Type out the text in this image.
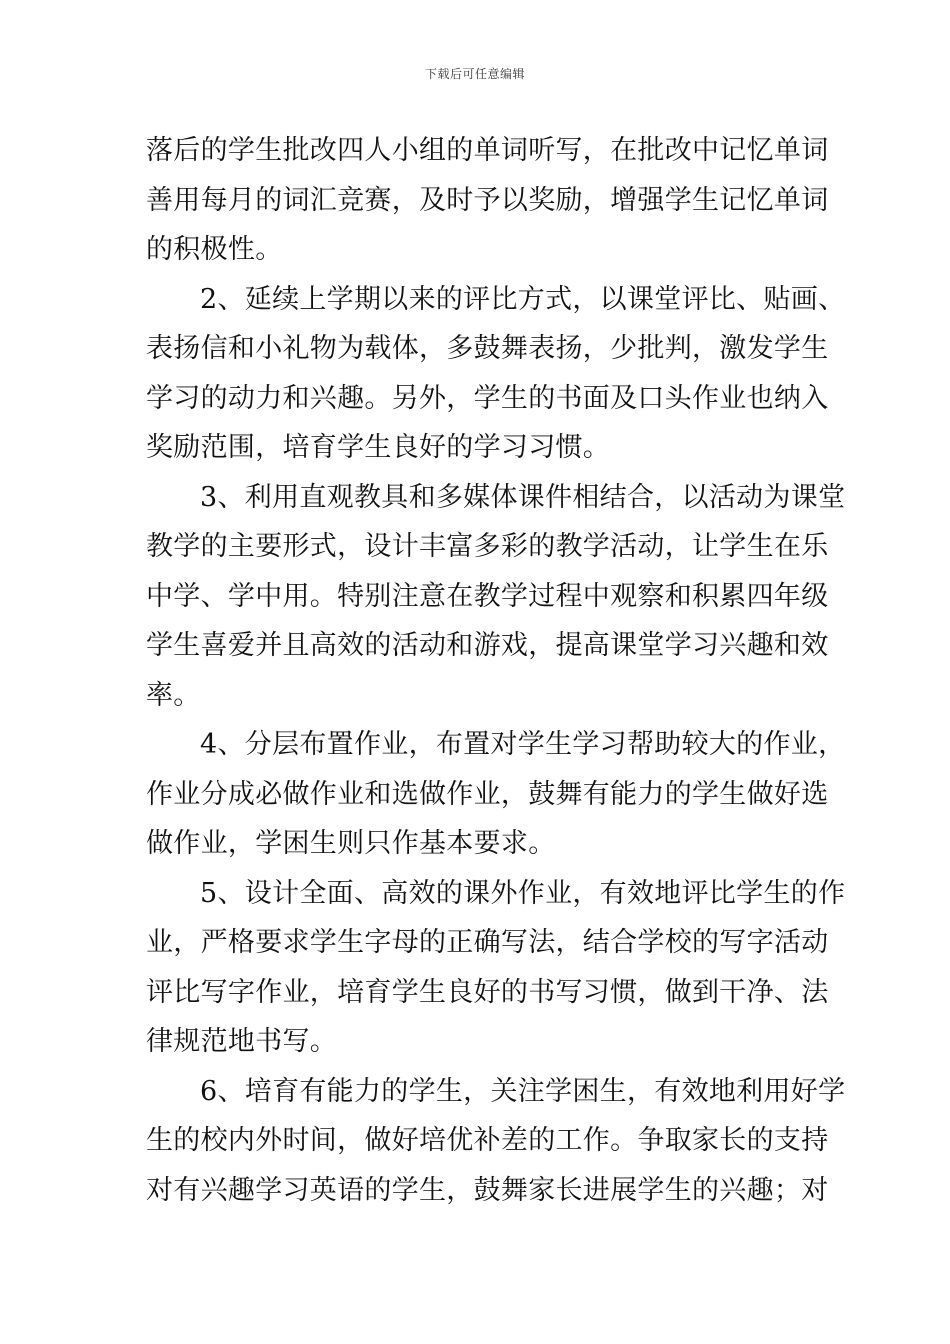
下载后可任意编辑
落后的学生批改四人小组的单词听写，在批改中记忆单词
善用每月的词汇竞赛，及时予以奖励，增强学生记忆单词
的积极性。
2、延续上学期以来的评比方式，以课堂评比、贴画、
表扬信和小礼物为载体，多鼓舞表扬，少批判，激发学生
学习的动力和兴趣。另外，学生的书面及口头作业也纳入
奖励范围，培育学生良好的学习习惯。
3、利用直观教具和多媒体课件相结合，以活动为课堂
教学的主要形式，设计丰富多彩的教学活动，让学生在乐
中学、学中用。特别注意在教学过程中观察和积累四年级
学生喜爱并且高效的活动和游戏，提高课堂学习兴趣和效
率。
4、分层布置作业，布置对学生学习帮助较大的作业，
作业分成必做作业和选做作业，鼓舞有能力的学生做好选
做作业，学困生则只作基本要求。
5、设计全面、高效的课外作业，有效地评比学生的作
业，严格要求学生字母的正确写法，结合学校的写字活动
评比写字作业，培育学生良好的书写习惯，做到干净、法
律规范地书写。
6、培育有能力的学生，关注学困生，有效地利用好学
生的校内外时间，做好培优补差的工作。争取家长的支持
对有兴趣学习英语的学生，鼓舞家长进展学生的兴趣；对
